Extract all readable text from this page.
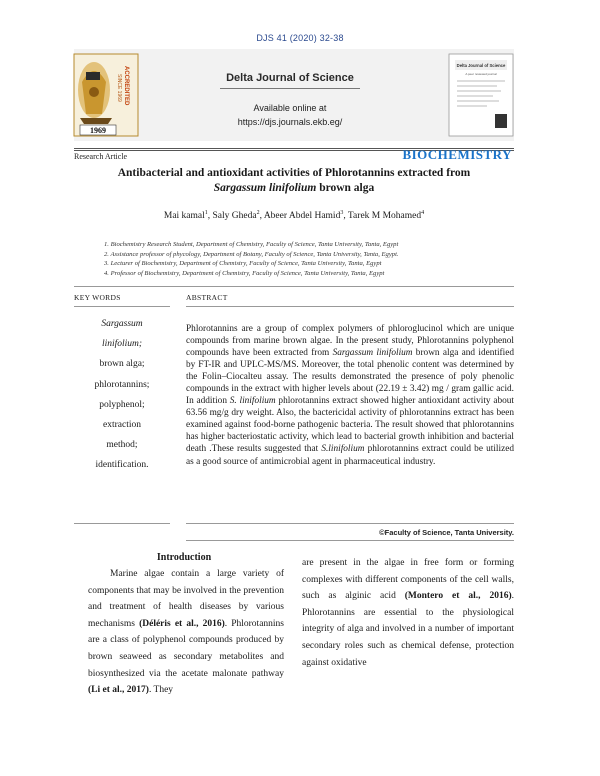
DJS 41 (2020) 32-38
SINCE 1969 ACCREDITED
1969
Delta Journal of Science
Available online at
https://djs.journals.ekb.eg/
Delta Journal of Science
A peer reviewed journal
Research Article	BIOCHEMISTRY
Antibacterial and antioxidant activities of Phlorotannins extracted from
Sargassum linifolium brown alga
Mai kamal$^1$, Saly Gheda$^2$, Abeer Abdel Hamid$^3$, Tarek M Mohamed$^4$
1. Biochemistry Research Student, Department of Chemistry, Faculty of Science, Tanta University, Tanta, Egypt
2. Assistance professor of phycology, Department of Botany, Faculty of Science, Tanta University, Tanta, Egypt.
3. Lecturer of Biochemistry, Department of Chemistry, Faculty of Science, Tanta University, Tanta, Egypt
4. Professor of Biochemistry, Department of Chemistry, Faculty of Science, Tanta University, Tanta, Egypt
KEY WORDS	ABSTRACT
Sargassum
linifolium;
brown alga;
phlorotannins;
polyphenol;
extraction
method;
identification.
Phlorotannins are a group of complex polymers of phloroglucinol which are unique compounds from marine brown algae. In the present study, Phlorotannins polyphenol compounds have been extracted from Sargassum linifolium brown alga and identified by FT-IR and UPLC-MS/MS. Moreover, the total phenolic content was determined by the Folin–Ciocalteu assay. The results demonstrated the presence of poly phenolic compounds in the extract with higher levels about (22.19 ± 3.42) mg / gram gallic acid. In addition S. linifolium phlorotannins extract showed higher antioxidant activity about 63.56 mg/g dry weight. Also, the bactericidal activity of phlorotannins extract has been examined against food-borne pathogenic bacteria. The result showed that phlorotannins has higher bacteriostatic activity, which lead to bacterial growth inhibition and bacterial death .These results suggested that S.linifolium phlorotannins extract could be utilized as a good source of antimicrobial agent in pharmaceutical industry.
©Faculty of Science, Tanta University.
Introduction

Marine algae contain a large variety of components that may be involved in the prevention and treatment of health diseases by various mechanisms (Déléris et al., 2016). Phlorotannins are a class of polyphenol compounds produced by brown seaweed as secondary metabolites and biosynthesized via the acetate malonate pathway (Li et al., 2017). They

are present in the algae in free form or forming complexes with different components of the cell walls, such as alginic acid (Montero et al., 2016). Phlorotannins are essential to the physiological integrity of alga and involved in a number of important secondary roles such as chemical defense, protection against oxidative
